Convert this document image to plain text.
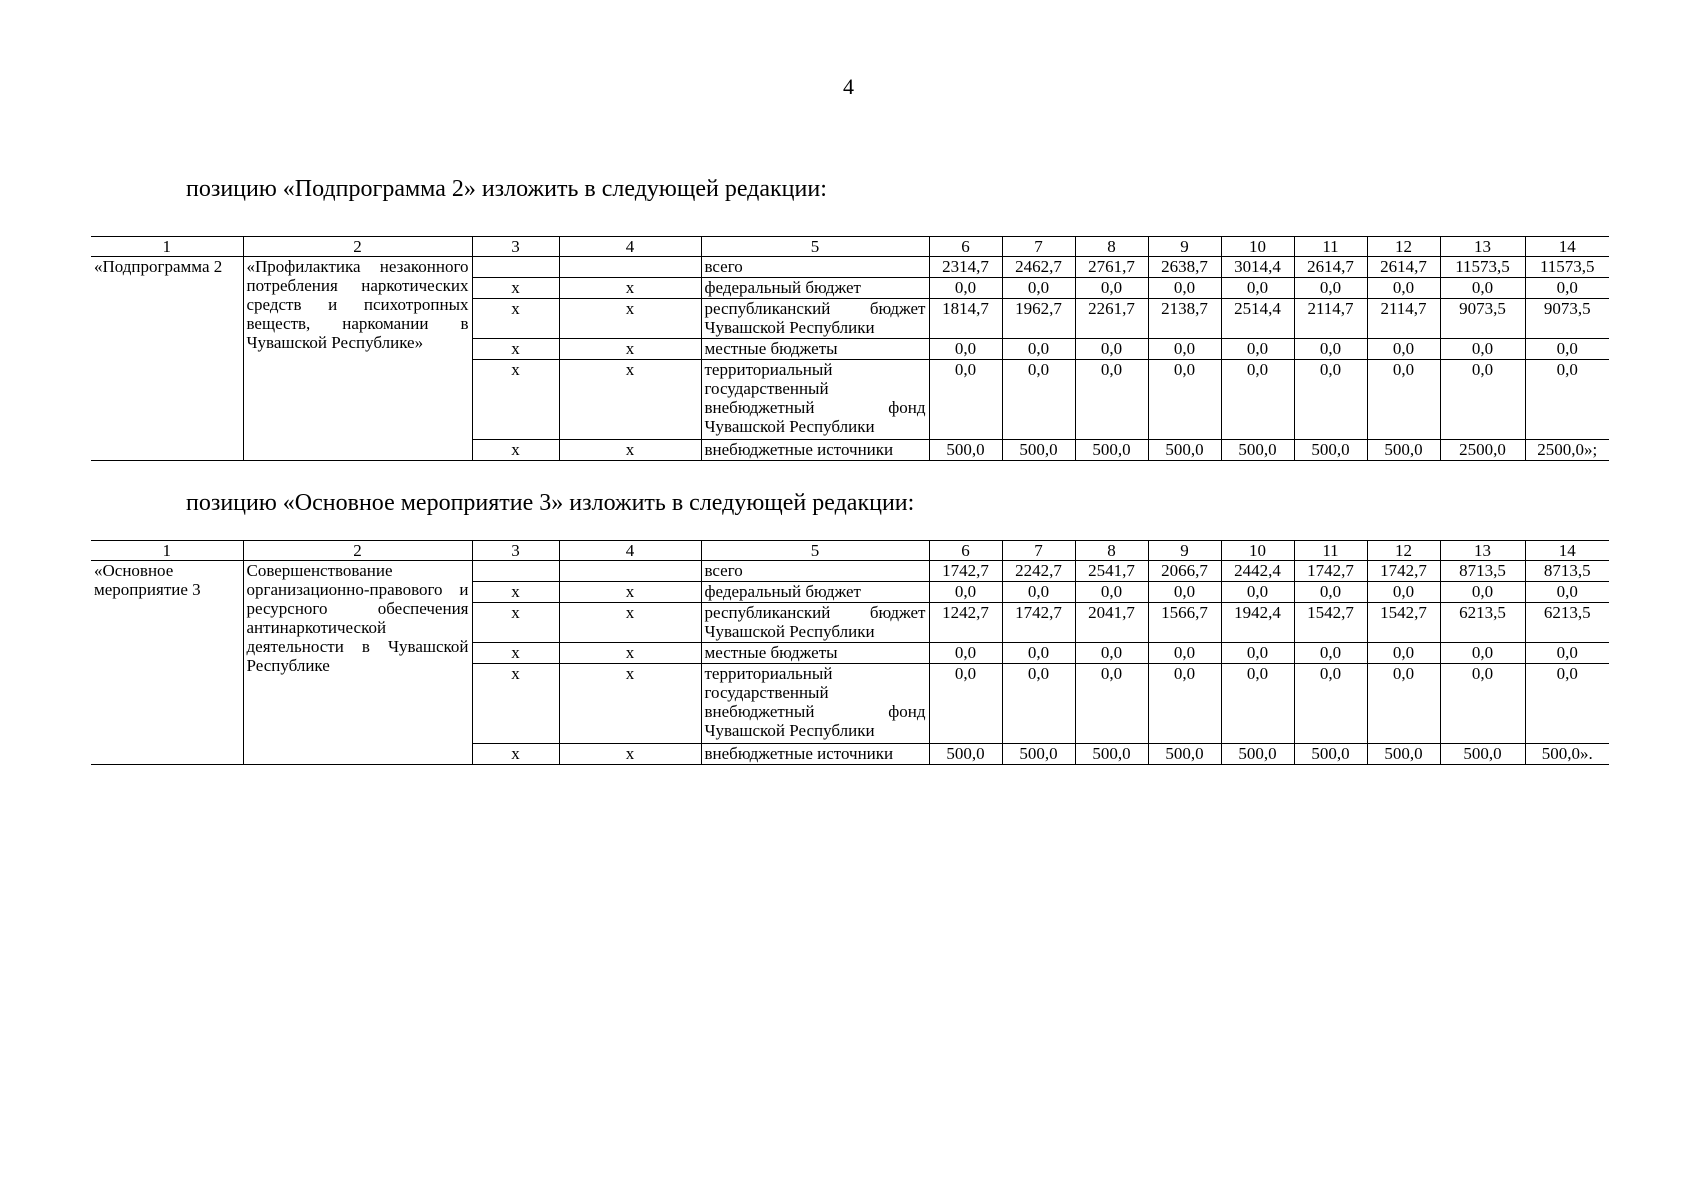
4
позицию «Подпрограмма 2» изложить в следующей редакции:
1	2	3	4	5	6	7	8	9	10	11	12	13	14
«Подпрограмма 2	«Профилактика незаконного потребления наркотических средств и психотропных веществ, наркомании в Чувашской Республике»			всего	2314,7	2462,7	2761,7	2638,7	3014,4	2614,7	2614,7	11573,5	11573,5
		x	x	федеральный бюджет	0,0	0,0	0,0	0,0	0,0	0,0	0,0	0,0	0,0
		x	x	республиканский бюджет Чувашской Республики	1814,7	1962,7	2261,7	2138,7	2514,4	2114,7	2114,7	9073,5	9073,5
		x	x	местные бюджеты	0,0	0,0	0,0	0,0	0,0	0,0	0,0	0,0	0,0
		x	x	территориальный государственный внебюджетный фонд Чувашской Республики	0,0	0,0	0,0	0,0	0,0	0,0	0,0	0,0	0,0
		x	x	внебюджетные источники	500,0	500,0	500,0	500,0	500,0	500,0	500,0	2500,0	2500,0»;
позицию «Основное мероприятие 3» изложить в следующей редакции:
1	2	3	4	5	6	7	8	9	10	11	12	13	14
«Основное мероприятие 3	Совершенствование организационно-правового и ресурсного обеспечения антинаркотической деятельности в Чувашской Республике			всего	1742,7	2242,7	2541,7	2066,7	2442,4	1742,7	1742,7	8713,5	8713,5
		x	x	федеральный бюджет	0,0	0,0	0,0	0,0	0,0	0,0	0,0	0,0	0,0
		x	x	республиканский бюджет Чувашской Республики	1242,7	1742,7	2041,7	1566,7	1942,4	1542,7	1542,7	6213,5	6213,5
		x	x	местные бюджеты	0,0	0,0	0,0	0,0	0,0	0,0	0,0	0,0	0,0
		x	x	территориальный государственный внебюджетный фонд Чувашской Республики	0,0	0,0	0,0	0,0	0,0	0,0	0,0	0,0	0,0
		x	x	внебюджетные источники	500,0	500,0	500,0	500,0	500,0	500,0	500,0	500,0	500,0».
